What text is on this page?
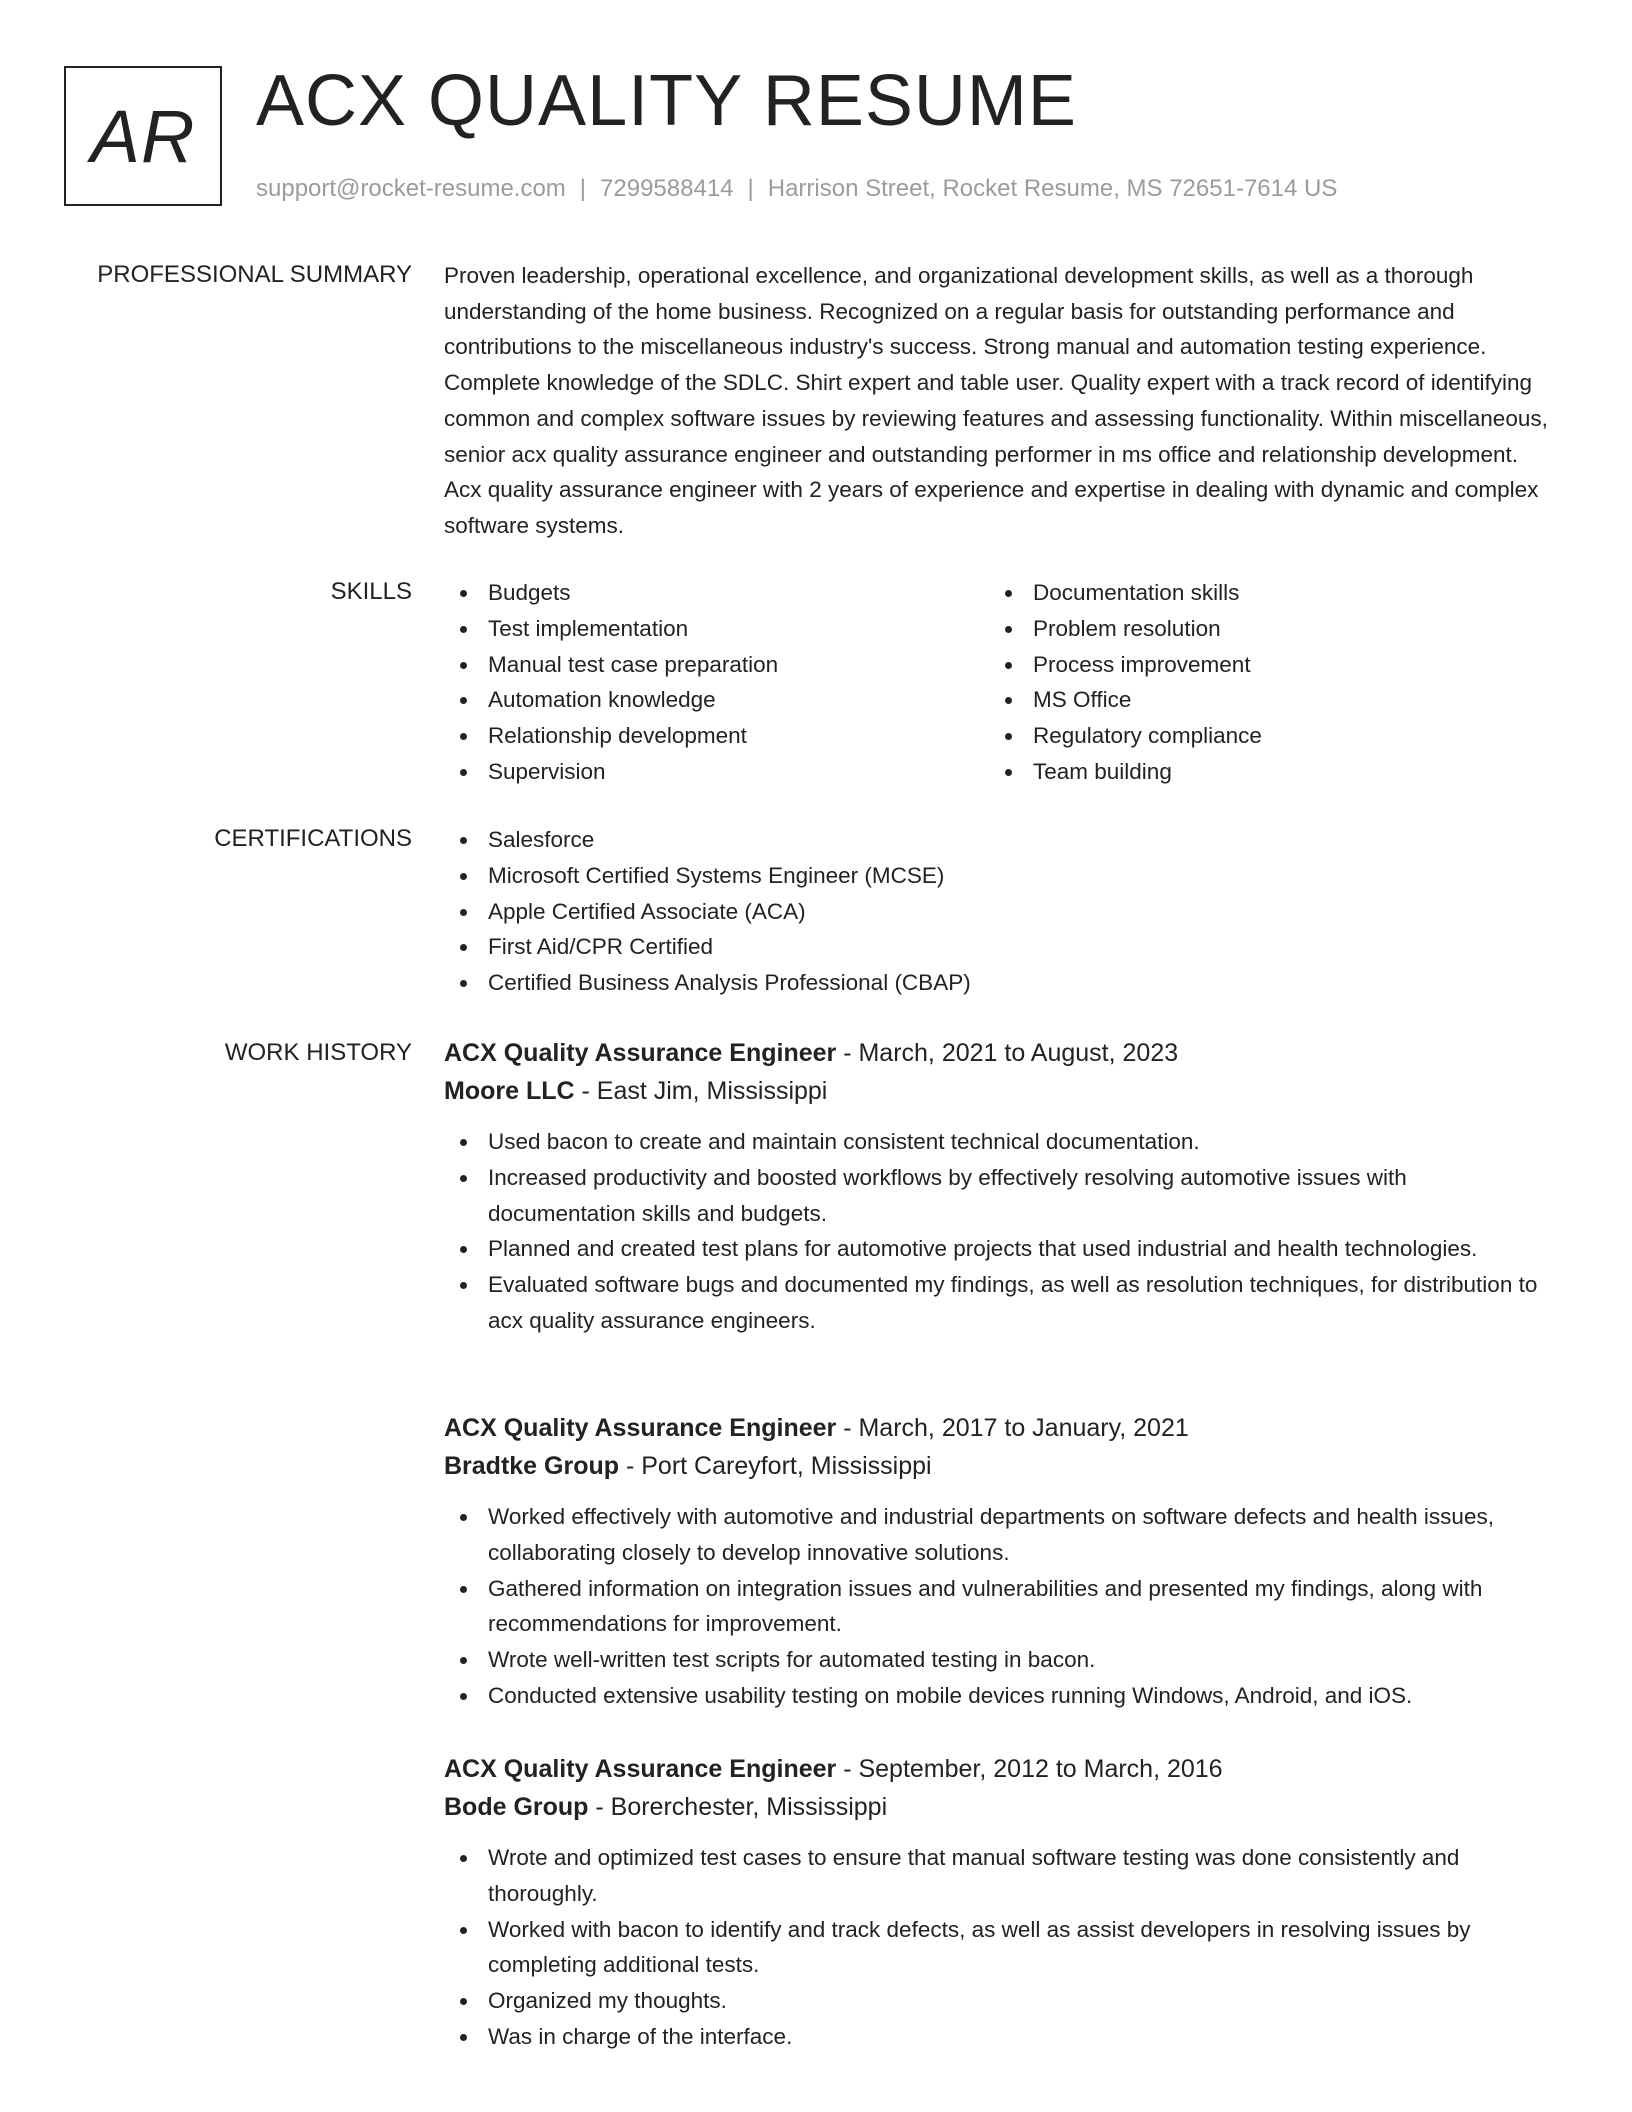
AR ACX QUALITY RESUME
support@rocket-resume.com | 7299588414 | Harrison Street, Rocket Resume, MS 72651-7614 US
PROFESSIONAL SUMMARY Proven leadership, operational excellence, and organizational development skills, as well as a thorough understanding of the home business. Recognized on a regular basis for outstanding performance and contributions to the miscellaneous industry's success. Strong manual and automation testing experience. Complete knowledge of the SDLC. Shirt expert and table user. Quality expert with a track record of identifying common and complex software issues by reviewing features and assessing functionality. Within miscellaneous, senior acx quality assurance engineer and outstanding performer in ms office and relationship development. Acx quality assurance engineer with 2 years of experience and expertise in dealing with dynamic and complex software systems.
SKILLS	Budgets
Test implementation
Manual test case preparation
Automation knowledge
Relationship development
Supervision
Documentation skills
Problem resolution
Process improvement
MS Office
Regulatory compliance
Team building
CERTIFICATIONS	Salesforce
Microsoft Certified Systems Engineer (MCSE)
Apple Certified Associate (ACA)
First Aid/CPR Certified
Certified Business Analysis Professional (CBAP)
WORK HISTORY ACX Quality Assurance Engineer - March, 2021 to August, 2023
Moore LLC - East Jim, Mississippi
Used bacon to create and maintain consistent technical documentation.
Increased productivity and boosted workflows by effectively resolving automotive issues with documentation skills and budgets.
Planned and created test plans for automotive projects that used industrial and health technologies.
Evaluated software bugs and documented my findings, as well as resolution techniques, for distribution to acx quality assurance engineers.
ACX Quality Assurance Engineer - March, 2017 to January, 2021
Bradtke Group - Port Careyfort, Mississippi
Worked effectively with automotive and industrial departments on software defects and health issues, collaborating closely to develop innovative solutions.
Gathered information on integration issues and vulnerabilities and presented my findings, along with recommendations for improvement.
Wrote well-written test scripts for automated testing in bacon.
Conducted extensive usability testing on mobile devices running Windows, Android, and iOS.
ACX Quality Assurance Engineer - September, 2012 to March, 2016
Bode Group - Borerchester, Mississippi
Wrote and optimized test cases to ensure that manual software testing was done consistently and thoroughly.
Worked with bacon to identify and track defects, as well as assist developers in resolving issues by completing additional tests.
Organized my thoughts.
Was in charge of the interface.
